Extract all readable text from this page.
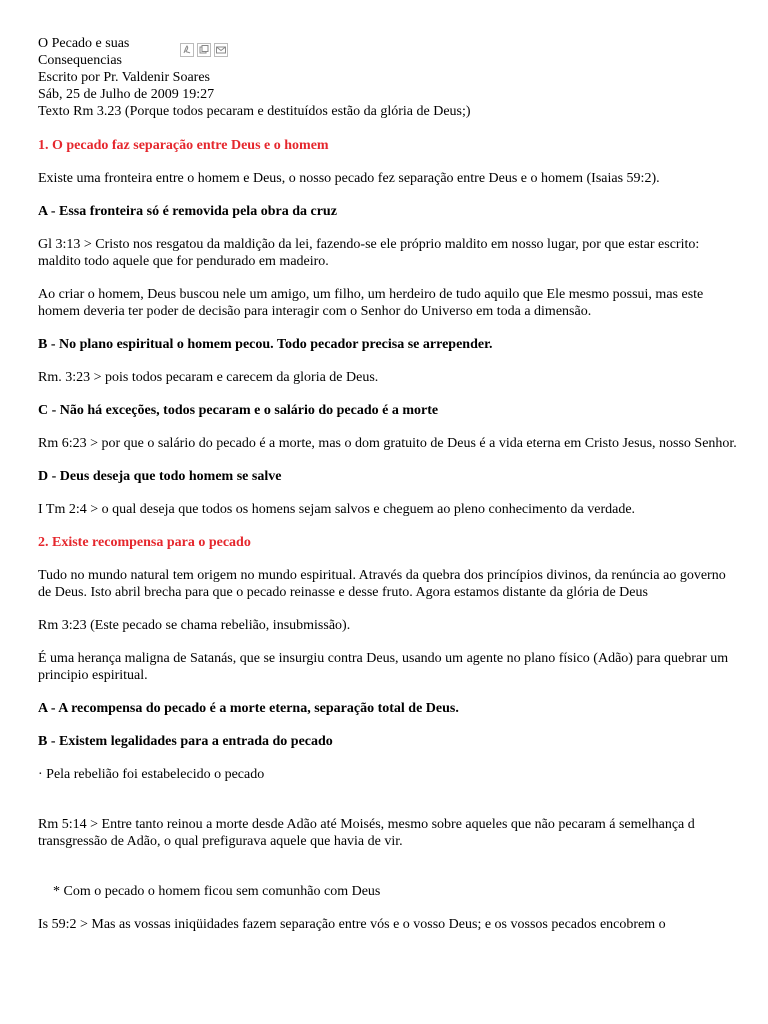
O Pecado e suas Consequencias
Escrito por Pr. Valdenir Soares
Sáb, 25 de Julho de 2009 19:27
Texto Rm 3.23 (Porque todos pecaram e destituídos estão da glória de Deus;)

1. O pecado faz separação entre Deus e o homem

Existe uma fronteira entre o homem e Deus, o nosso pecado fez separação entre Deus e o homem (Isaias 59:2).

A - Essa fronteira só é removida pela obra da cruz

Gl 3:13 > Cristo nos resgatou da maldição da lei, fazendo-se ele próprio maldito em nosso lugar, por que estar escrito: maldito todo aquele que for pendurado em madeiro.

Ao criar o homem, Deus buscou nele um amigo, um filho, um herdeiro de tudo aquilo que Ele mesmo possui, mas este homem deveria ter poder de decisão para interagir com o Senhor do Universo em toda a dimensão.

B - No plano espiritual o homem pecou. Todo pecador precisa se arrepender.

Rm. 3:23 > pois todos pecaram e carecem da gloria de Deus.

C - Não há exceções, todos pecaram e o salário do pecado é a morte

Rm 6:23 > por que o salário do pecado é a morte, mas o dom gratuito de Deus é a vida eterna em Cristo Jesus, nosso Senhor.

D - Deus deseja que todo homem se salve

I Tm 2:4 > o qual deseja que todos os homens sejam salvos e cheguem ao pleno conhecimento da verdade.

2. Existe recompensa para o pecado

Tudo no mundo natural tem origem no mundo espiritual. Através da quebra dos princípios divinos, da renúncia ao governo de Deus. Isto abril brecha para que o pecado reinasse e desse fruto. Agora estamos distante da glória de Deus

Rm 3:23 (Este pecado se chama rebelião, insubmissão).

É uma herança maligna de Satanás, que se insurgiu contra Deus, usando um agente no plano físico (Adão) para quebrar um principio espiritual.

A - A recompensa do pecado é a morte eterna, separação total de Deus.

B - Existem legalidades para a entrada do pecado

· Pela rebelião foi estabelecido o pecado

Rm 5:14 > Entre tanto reinou a morte desde Adão até Moisés, mesmo sobre aqueles que não pecaram á semelhança d transgressão de Adão, o qual prefigurava aquele que havia de vir.

* Com o pecado o homem ficou sem comunhão com Deus

Is 59:2 > Mas as vossas iniqüidades fazem separação entre vós e o vosso Deus; e os vossos pecados encobrem o
